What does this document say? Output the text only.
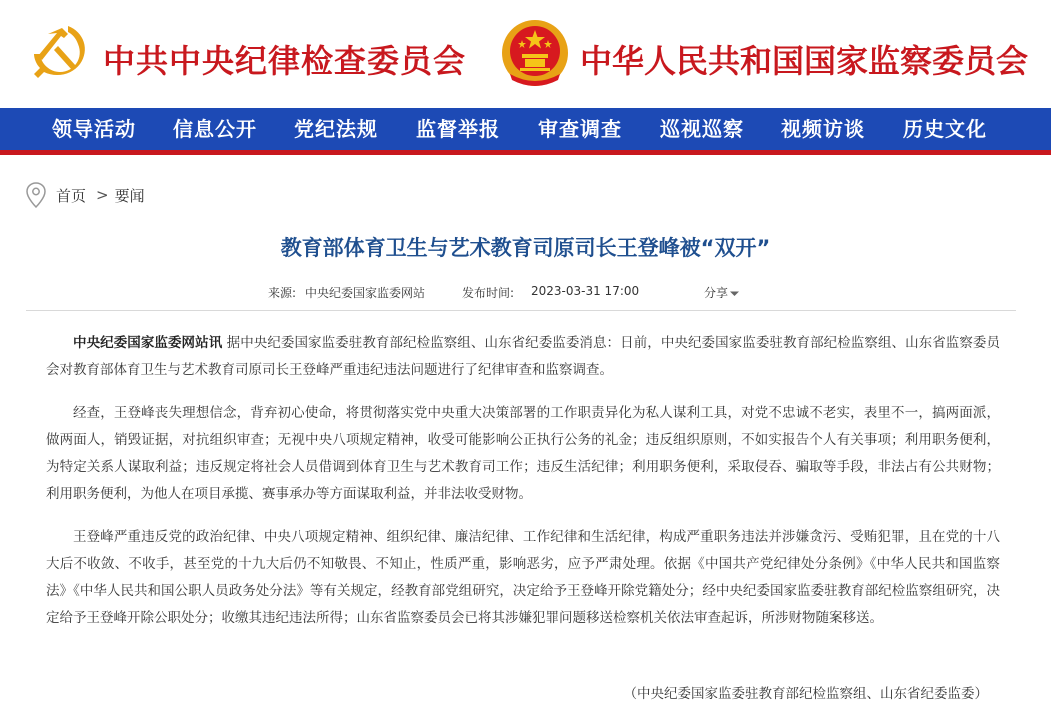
中共中央纪律检查委员会	中华人民共和国国家监察委员会
领导活动 信息公开 党纪法规 监督举报 审查调查 巡视巡察 视频访谈 历史文化
首页 > 要闻
教育部体育卫生与艺术教育司原司长王登峰被“双开”
来源: 中央纪委国家监委网站	发布时间: 2023-03-31 17:00	分享

中央纪委国家监委网站讯 据中央纪委国家监委驻教育部纪检监察组、山东省纪委监委消息：日前，中央纪委国家监委驻教育部纪检监察组、山东省监察委员会对教育部体育卫生与艺术教育司原司长王登峰严重违纪违法问题进行了纪律审查和监察调查。

经查，王登峰丧失理想信念，背弃初心使命，将贯彻落实党中央重大决策部署的工作职责异化为私人谋利工具，对党不忠诚不老实，表里不一，搞两面派，做两面人，销毁证据，对抗组织审查；无视中央八项规定精神，收受可能影响公正执行公务的礼金；违反组织原则，不如实报告个人有关事项；利用职务便利，为特定关系人谋取利益；违反规定将社会人员借调到体育卫生与艺术教育司工作；违反生活纪律；利用职务便利，采取侵吞、骗取等手段，非法占有公共财物；利用职务便利，为他人在项目承揽、赛事承办等方面谋取利益，并非法收受财物。

王登峰严重违反党的政治纪律、中央八项规定精神、组织纪律、廉洁纪律、工作纪律和生活纪律，构成严重职务违法并涉嫌贪污、受贿犯罪，且在党的十八大后不收敛、不收手，甚至党的十九大后仍不知敬畏、不知止，性质严重，影响恶劣，应予严肃处理。依据《中国共产党纪律处分条例》《中华人民共和国监察法》《中华人民共和国公职人员政务处分法》等有关规定，经教育部党组研究，决定给予王登峰开除党籍处分；经中央纪委国家监委驻教育部纪检监察组研究，决定给予王登峰开除公职处分；收缴其违纪违法所得；山东省监察委员会已将其涉嫌犯罪问题移送检察机关依法审查起诉，所涉财物随案移送。

（中央纪委国家监委驻教育部纪检监察组、山东省纪委监委）
